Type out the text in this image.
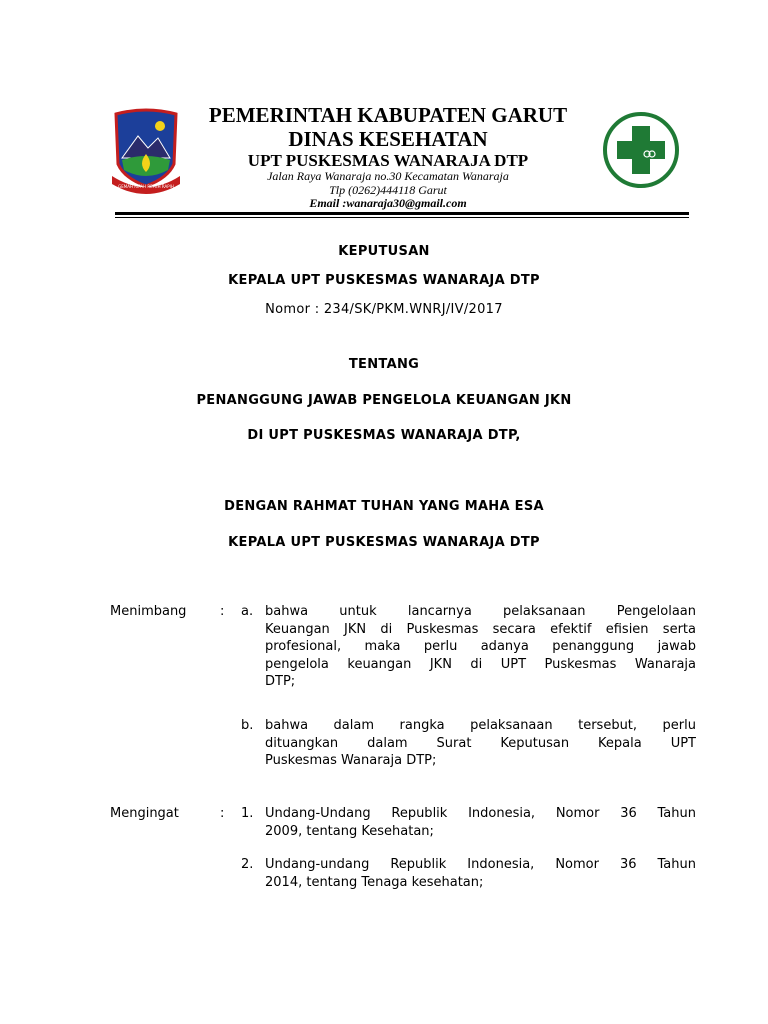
GEMAH RIPAH REPEH RAPIH
PEMERINTAH KABUPATEN GARUT
DINAS KESEHATAN
UPT PUSKESMAS WANARAJA DTP
Jalan Raya Wanaraja no.30 Kecamatan Wanaraja
Tlp (0262)444118 Garut
Email :wanaraja30@gmail.com
KEPUTUSAN
KEPALA UPT PUSKESMAS WANARAJA DTP
Nomor : 234/SK/PKM.WNRJ/IV/2017
TENTANG
PENANGGUNG JAWAB PENGELOLA KEUANGAN JKN
DI UPT PUSKESMAS WANARAJA DTP,
DENGAN RAHMAT TUHAN YANG MAHA ESA
KEPALA UPT PUSKESMAS WANARAJA DTP
Menimbang	: a. bahwa untuk lancarnya pelaksanaan Pengelolaan
Keuangan JKN di Puskesmas secara efektif efisien serta
profesional, maka perlu adanya penanggung jawab
pengelola keuangan JKN di UPT Puskesmas Wanaraja
DTP;
b. bahwa dalam rangka pelaksanaan tersebut, perlu
dituangkan dalam Surat Keputusan Kepala UPT
Puskesmas Wanaraja DTP;
Mengingat	: 1. Undang-Undang Republik Indonesia, Nomor 36 Tahun
2009, tentang Kesehatan;
2. Undang-undang Republik Indonesia, Nomor 36 Tahun
2014, tentang Tenaga kesehatan;
